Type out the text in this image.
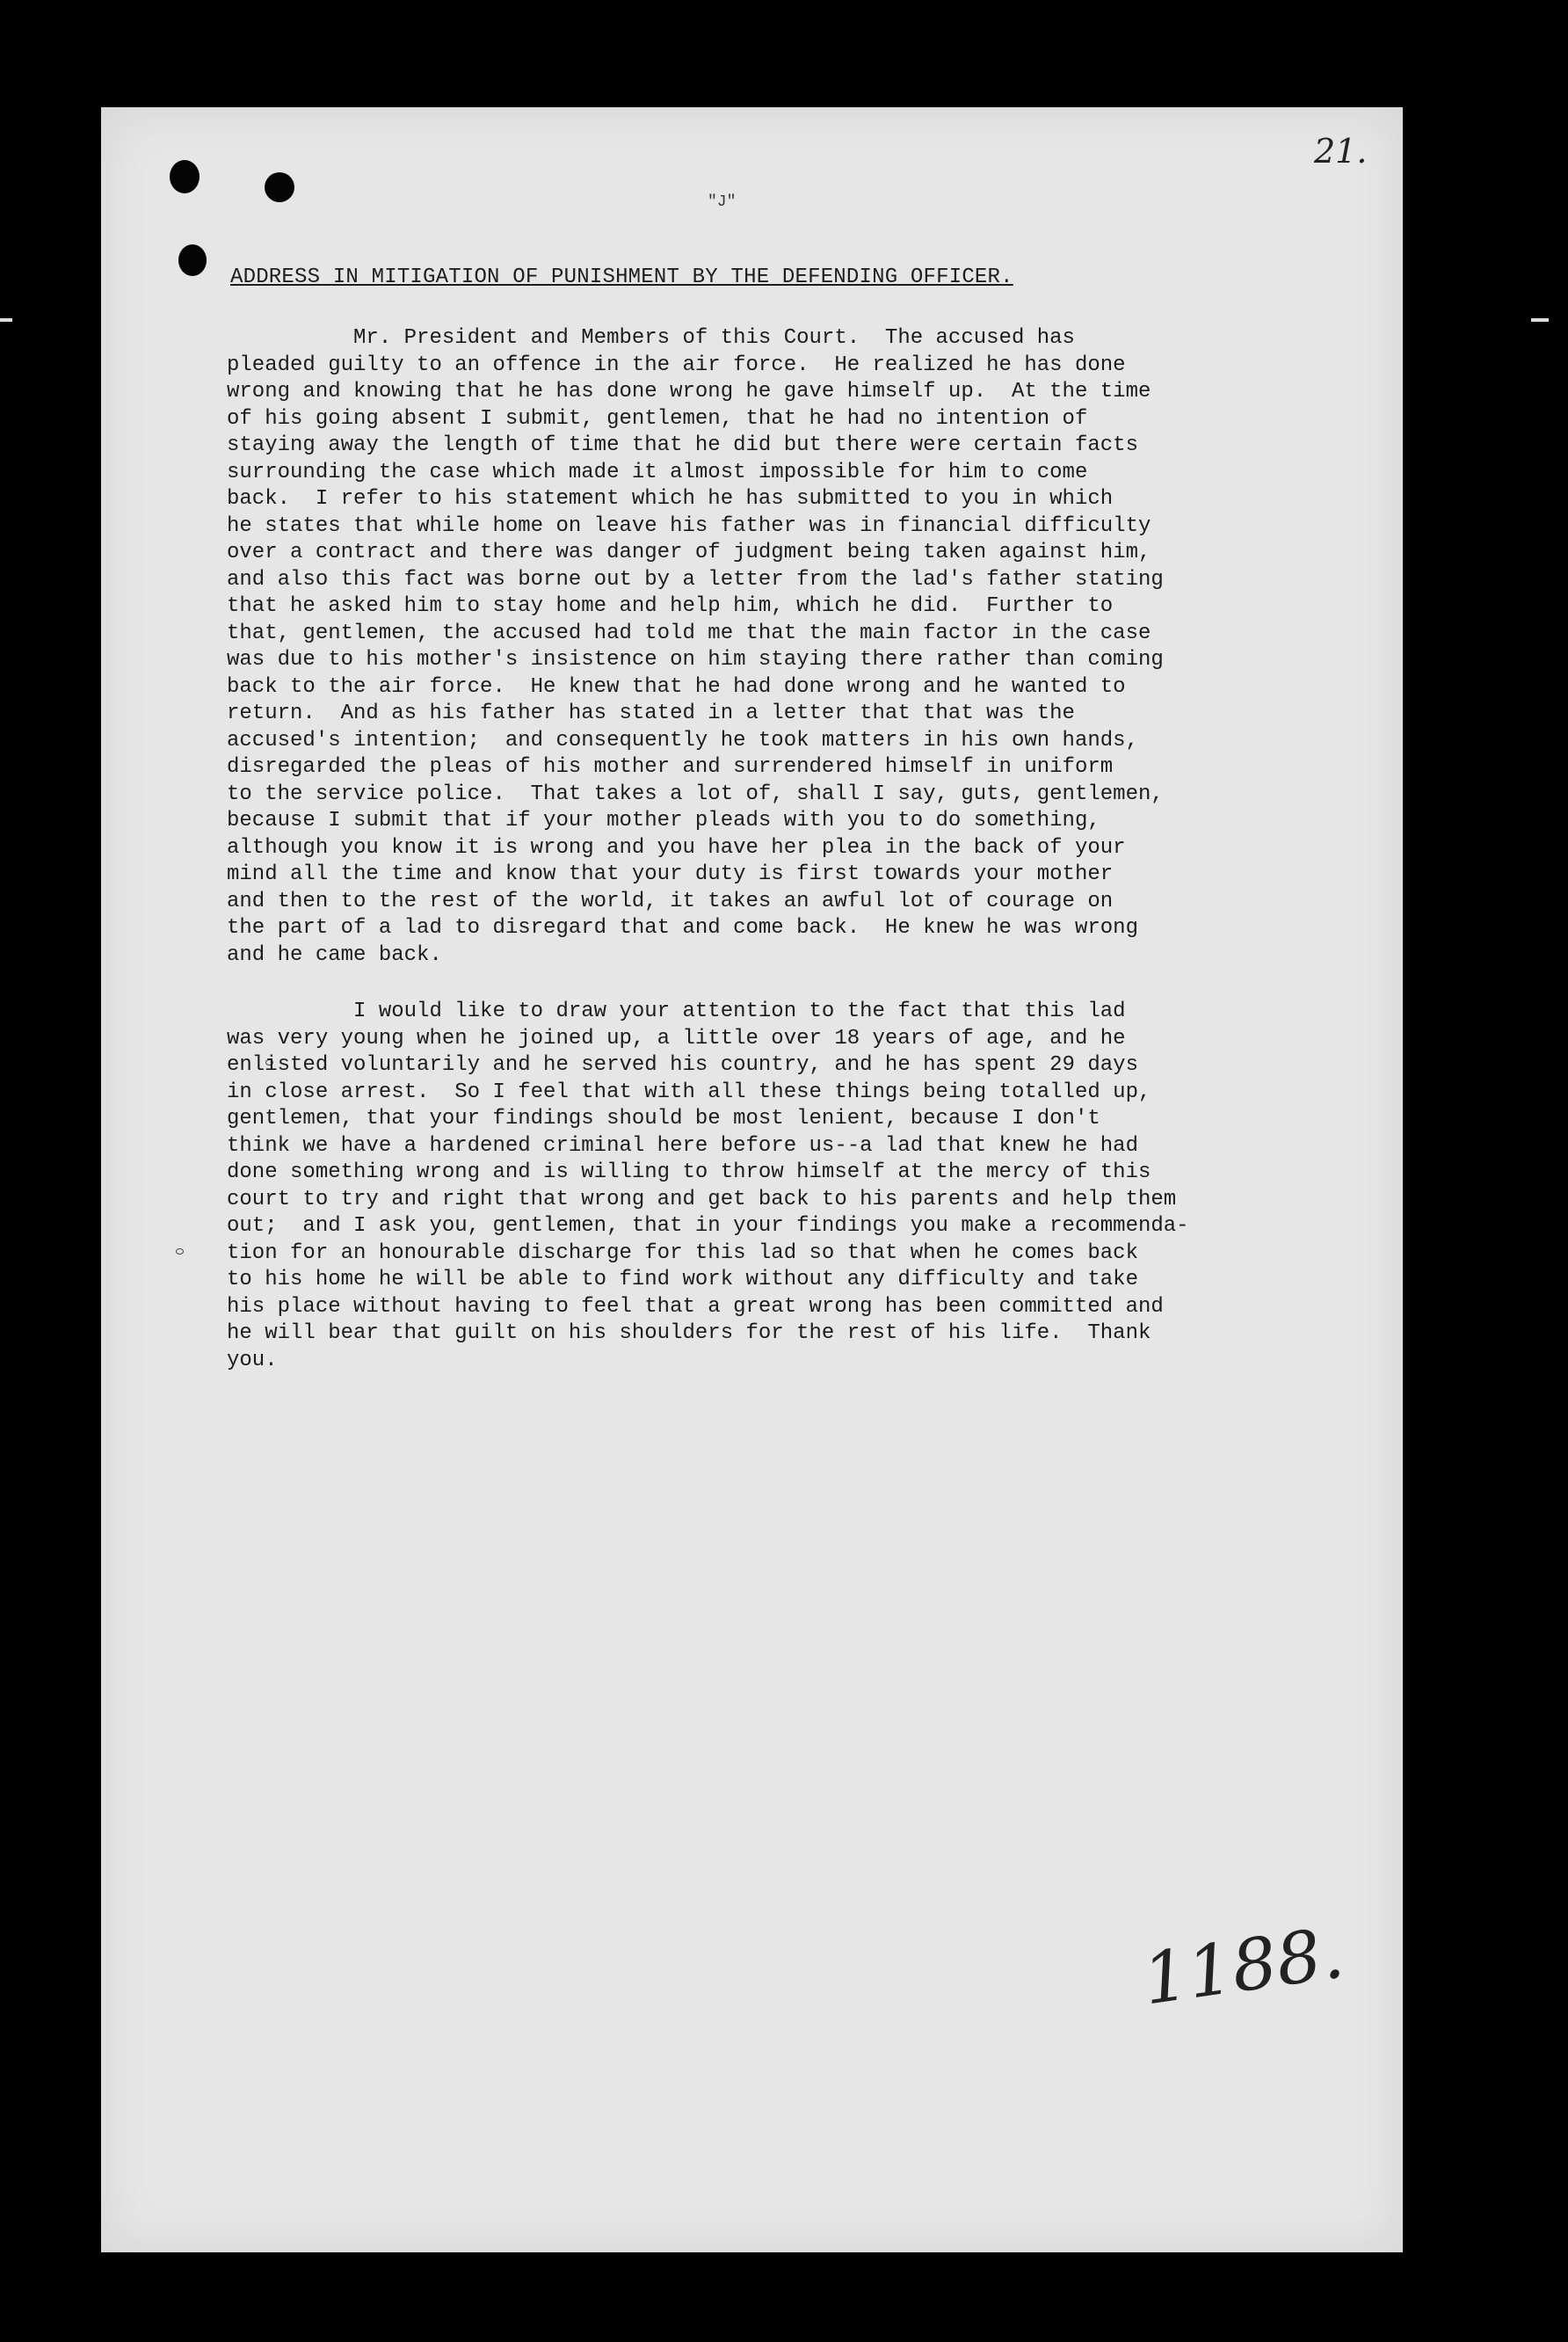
21.
"J"
ADDRESS IN MITIGATION OF PUNISHMENT BY THE DEFENDING OFFICER.
Mr. President and Members of this Court.  The accused has
pleaded guilty to an offence in the air force.  He realized he has done
wrong and knowing that he has done wrong he gave himself up.  At the time
of his going absent I submit, gentlemen, that he had no intention of
staying away the length of time that he did but there were certain facts
surrounding the case which made it almost impossible for him to come
back.  I refer to his statement which he has submitted to you in which
he states that while home on leave his father was in financial difficulty
over a contract and there was danger of judgment being taken against him,
and also this fact was borne out by a letter from the lad's father stating
that he asked him to stay home and help him, which he did.  Further to
that, gentlemen, the accused had told me that the main factor in the case
was due to his mother's insistence on him staying there rather than coming
back to the air force.  He knew that he had done wrong and he wanted to
return.  And as his father has stated in a letter that that was the
accused's intention;  and consequently he took matters in his own hands,
disregarded the pleas of his mother and surrendered himself in uniform
to the service police.  That takes a lot of, shall I say, guts, gentlemen,
because I submit that if your mother pleads with you to do something,
although you know it is wrong and you have her plea in the back of your
mind all the time and know that your duty is first towards your mother
and then to the rest of the world, it takes an awful lot of courage on
the part of a lad to disregard that and come back.  He knew he was wrong
and he came back.
I would like to draw your attention to the fact that this lad
was very young when he joined up, a little over 18 years of age, and he
enlisted voluntarily and he served his country, and he has spent 29 days
in close arrest.  So I feel that with all these things being totalled up,
gentlemen, that your findings should be most lenient, because I don't
think we have a hardened criminal here before us--a lad that knew he had
done something wrong and is willing to throw himself at the mercy of this
court to try and right that wrong and get back to his parents and help them
out;  and I ask you, gentlemen, that in your findings you make a recommenda-
tion for an honourable discharge for this lad so that when he comes back
to his home he will be able to find work without any difficulty and take
his place without having to feel that a great wrong has been committed and
he will bear that guilt on his shoulders for the rest of his life.  Thank
you.
1188.
